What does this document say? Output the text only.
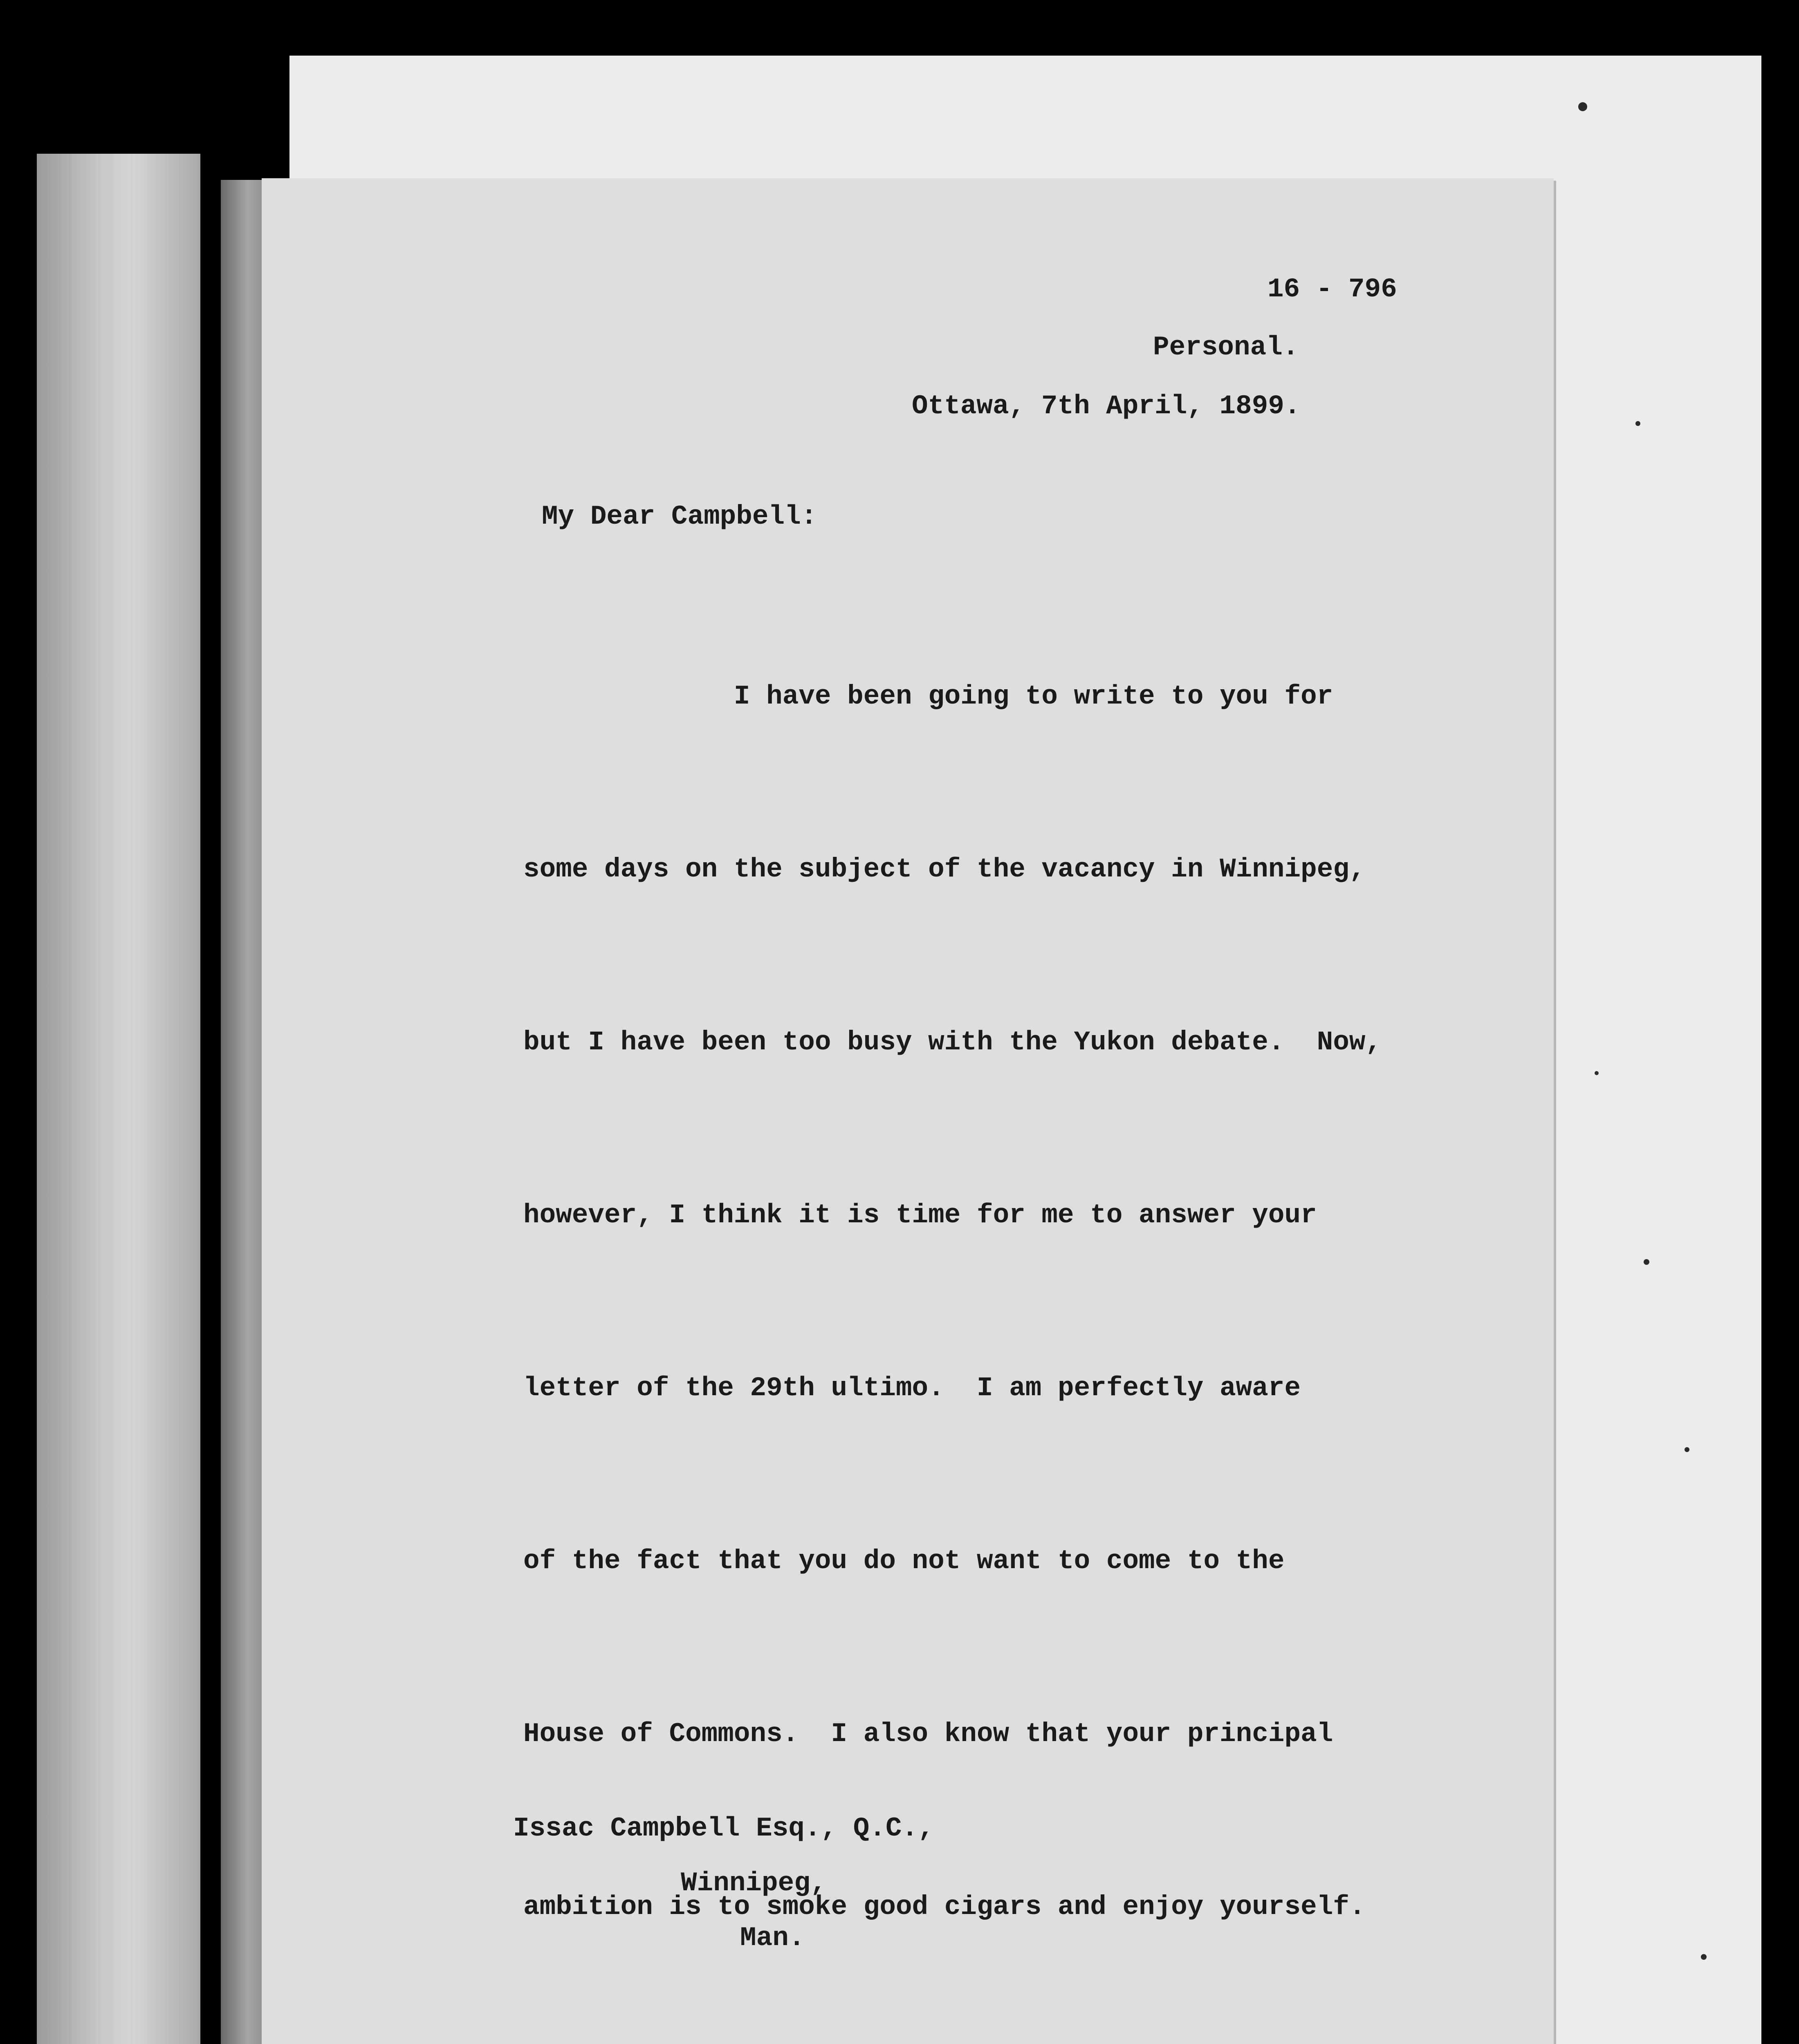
16 - 796
Personal.
Ottawa, 7th April, 1899.
My Dear Campbell:

I have been going to write to you for

some days on the subject of the vacancy in Winnipeg,

but I have been too busy with the Yukon debate.  Now,

however, I think it is time for me to answer your

letter of the 29th ultimo.  I am perfectly aware

of the fact that you do not want to come to the

House of Commons.  I also know that your principal

ambition is to smoke good cigars and enjoy yourself.

Issac Campbell Esq., Q.C.,
Winnipeg,
Man.
